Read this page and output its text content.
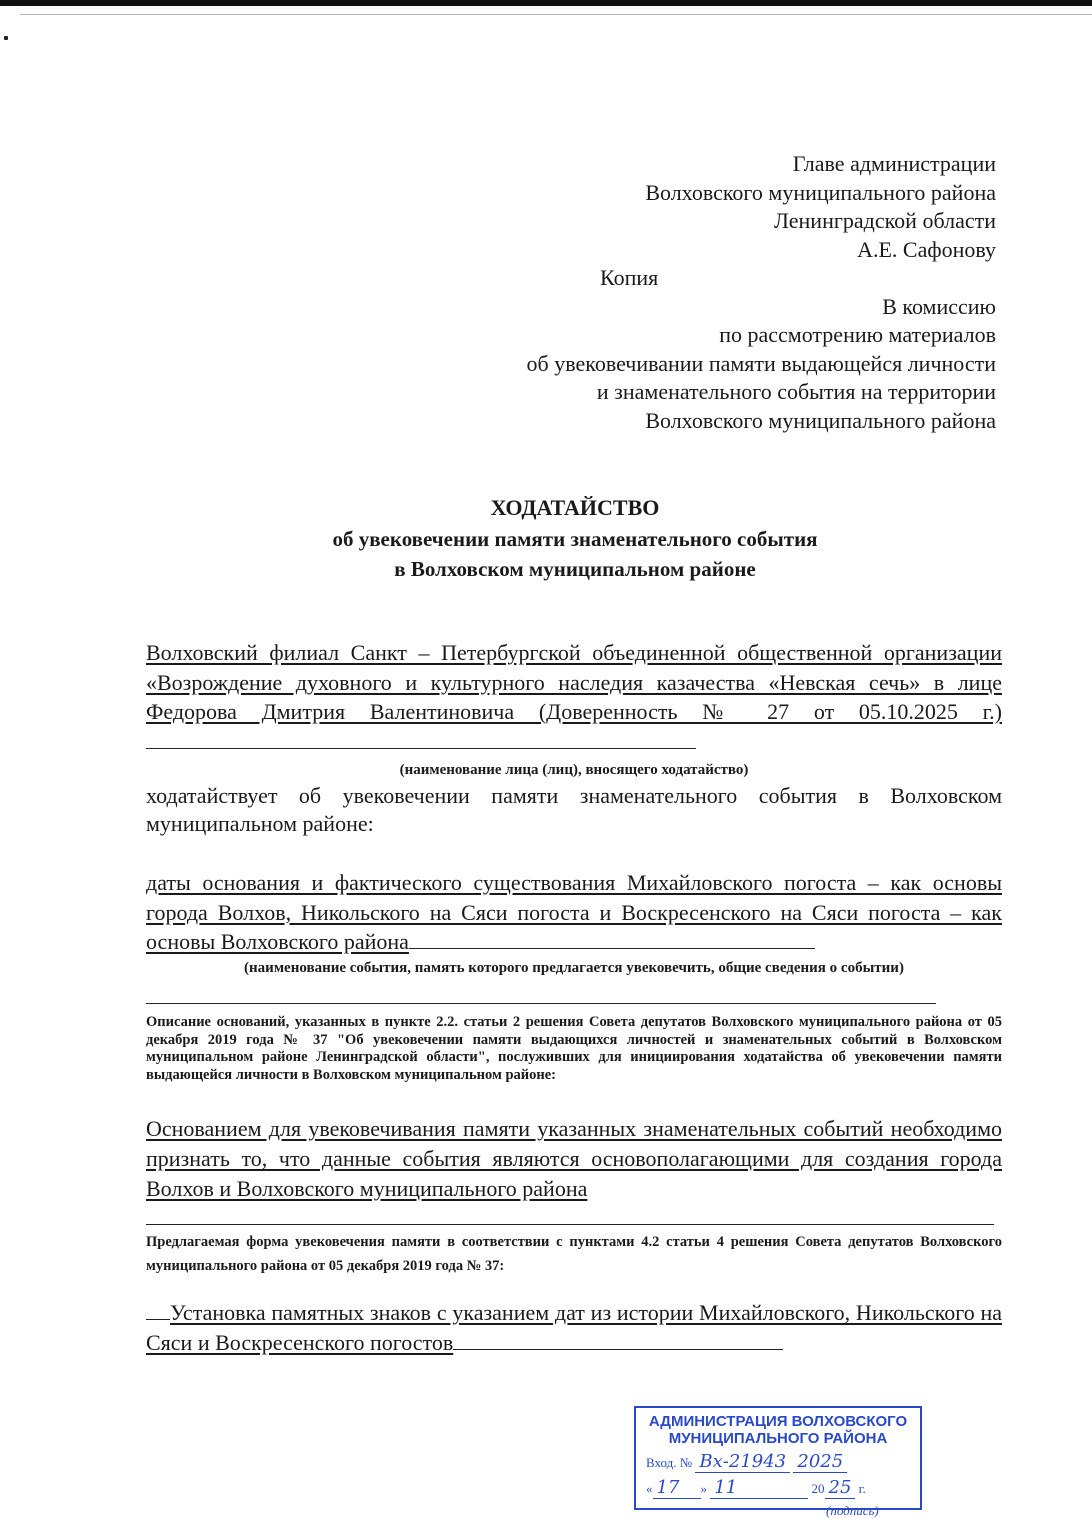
Главе администрации
Волховского муниципального района
Ленинградской области
А.Е. Сафонову
Копия
В комиссию
по рассмотрению материалов
об увековечивании памяти выдающейся личности
и знаменательного события на территории
Волховского муниципального района
ХОДАТАЙСТВО
об увековечении памяти знаменательного события
в Волховском муниципальном районе
Волховский филиал Санкт – Петербургской объединенной общественной организации «Возрождение духовного и культурного наследия казачества «Невская сечь» в лице Федорова Дмитрия Валентиновича (Доверенность № 27 от 05.10.2025 г.)
(наименование лица (лиц), вносящего ходатайство)
ходатайствует об увековечении памяти знаменательного события в Волховском муниципальном районе:
даты основания и фактического существования Михайловского погоста – как основы города Волхов, Никольского на Сяси погоста и Воскресенского на Сяси погоста – как основы Волховского района
(наименование события, память которого предлагается увековечить, общие сведения о событии)
Описание оснований, указанных в пункте 2.2. статьи 2 решения Совета депутатов Волховского муниципального района от 05 декабря 2019 года № 37 "Об увековечении памяти выдающихся личностей и знаменательных событий в Волховском муниципальном районе Ленинградской области", послуживших для инициирования ходатайства об увековечении памяти выдающейся личности в Волховском муниципальном районе:
Основанием для увековечивания памяти указанных знаменательных событий необходимо признать то, что данные события являются основополагающими для создания города Волхов и Волховского муниципального района
Предлагаемая форма увековечения памяти в соответствии с пунктами 4.2 статьи 4 решения Совета депутатов Волховского муниципального района от 05 декабря 2019 года № 37:
Установка памятных знаков с указанием дат из истории Михайловского, Никольского на Сяси и Воскресенского погостов
АДМИНИСТРАЦИЯ ВОЛХОВСКОГО
МУНИЦИПАЛЬНОГО РАЙОНА
Вход. № Вх-21943 2025
« 17 » 11	20 25 г.
(подпись)
